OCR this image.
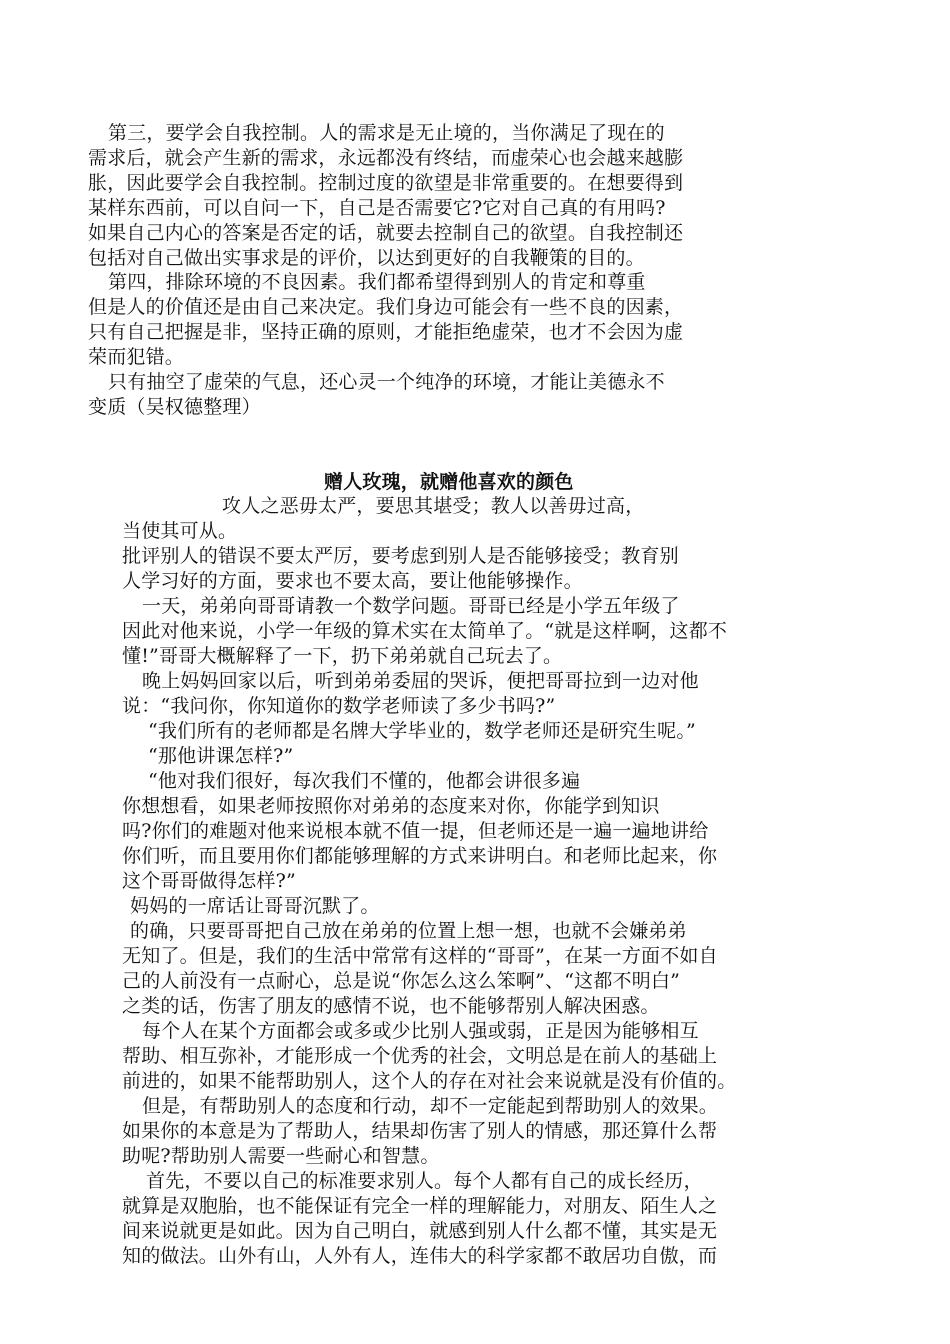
第三，要学会自我控制。人的需求是无止境的，当你满足了现在的
需求后，就会产生新的需求，永远都没有终结，而虚荣心也会越来越膨
胀，因此要学会自我控制。控制过度的欲望是非常重要的。在想要得到
某样东西前，可以自问一下，自己是否需要它?它对自己真的有用吗?
如果自己内心的答案是否定的话，就要去控制自己的欲望。自我控制还
包括对自己做出实事求是的评价，以达到更好的自我鞭策的目的。
第四，排除环境的不良因素。我们都希望得到别人的肯定和尊重
但是人的价值还是由自己来决定。我们身边可能会有一些不良的因素，
只有自己把握是非，坚持正确的原则，才能拒绝虚荣，也才不会因为虚
荣而犯错。
只有抽空了虚荣的气息，还心灵一个纯净的环境，才能让美德永不
变质（吴权德整理）
赠人玫瑰，就赠他喜欢的颜色
攻人之恶毋太严，要思其堪受；教人以善毋过高，
当使其可从。
批评别人的错误不要太严厉，要考虑到别人是否能够接受；教育别
人学习好的方面，要求也不要太高，要让他能够操作。
一天，弟弟向哥哥请教一个数学问题。哥哥已经是小学五年级了
因此对他来说，小学一年级的算术实在太简单了。“就是这样啊，这都不
懂!”哥哥大概解释了一下，扔下弟弟就自己玩去了。
晚上妈妈回家以后，听到弟弟委屈的哭诉，便把哥哥拉到一边对他
说：“我问你，你知道你的数学老师读了多少书吗?”
“我们所有的老师都是名牌大学毕业的，数学老师还是研究生呢。”
“那他讲课怎样?”
“他对我们很好，每次我们不懂的，他都会讲很多遍
你想想看，如果老师按照你对弟弟的态度来对你，你能学到知识
吗?你们的难题对他来说根本就不值一提，但老师还是一遍一遍地讲给
你们听，而且要用你们都能够理解的方式来讲明白。和老师比起来，你
这个哥哥做得怎样?”
妈妈的一席话让哥哥沉默了。
的确，只要哥哥把自己放在弟弟的位置上想一想，也就不会嫌弟弟
无知了。但是，我们的生活中常常有这样的“哥哥”，在某一方面不如自
己的人前没有一点耐心，总是说“你怎么这么笨啊”、“这都不明白”
之类的话，伤害了朋友的感情不说，也不能够帮别人解决困惑。
每个人在某个方面都会或多或少比别人强或弱，正是因为能够相互
帮助、相互弥补，才能形成一个优秀的社会，文明总是在前人的基础上
前进的，如果不能帮助别人，这个人的存在对社会来说就是没有价值的。
但是，有帮助别人的态度和行动，却不一定能起到帮助别人的效果。
如果你的本意是为了帮助人，结果却伤害了别人的情感，那还算什么帮
助呢?帮助别人需要一些耐心和智慧。
首先，不要以自己的标准要求别人。每个人都有自己的成长经历，
就算是双胞胎，也不能保证有完全一样的理解能力，对朋友、陌生人之
间来说就更是如此。因为自己明白，就感到别人什么都不懂，其实是无
知的做法。山外有山，人外有人，连伟大的科学家都不敢居功自傲，而
